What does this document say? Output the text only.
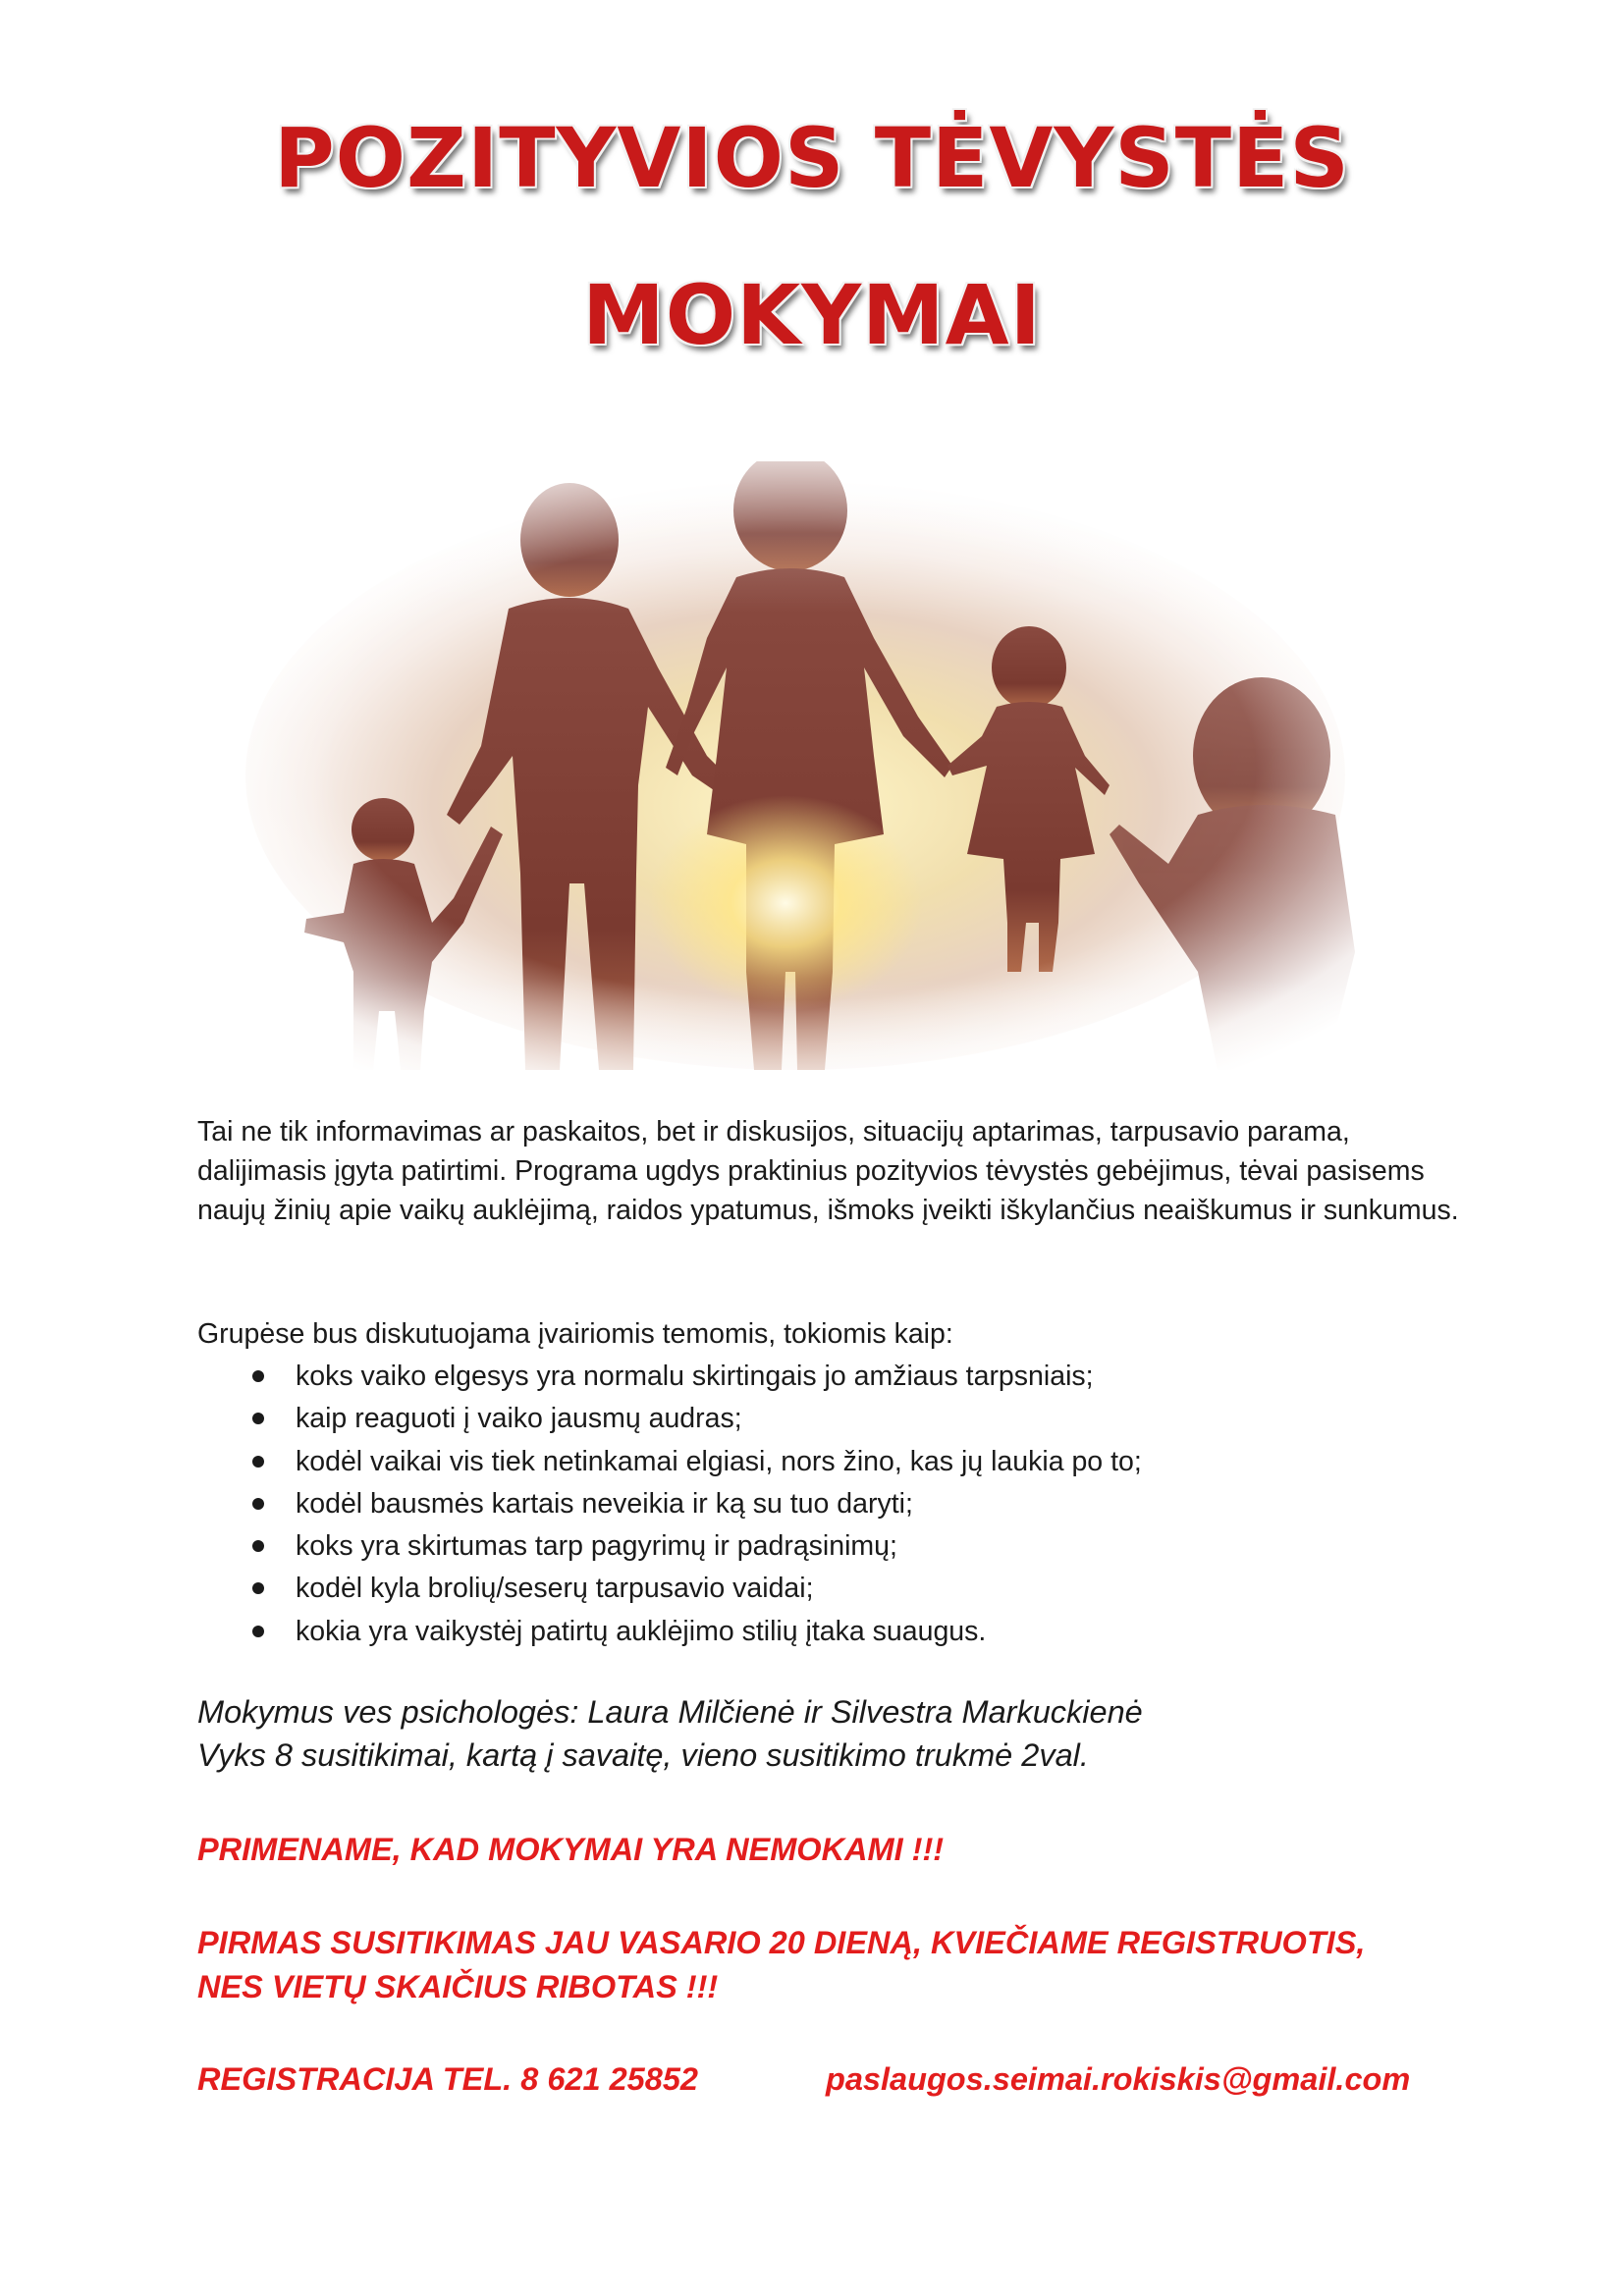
POZITYVIOS TĖVYSTĖS
MOKYMAI
Tai ne tik informavimas ar paskaitos, bet ir diskusijos, situacijų aptarimas, tarpusavio parama, dalijimasis įgyta patirtimi. Programa ugdys praktinius pozityvios tėvystės gebėjimus, tėvai pasisems naujų žinių apie vaikų auklėjimą, raidos ypatumus, išmoks įveikti iškylančius neaiškumus ir sunkumus.
Grupėse bus diskutuojama įvairiomis temomis, tokiomis kaip:
koks vaiko elgesys yra normalu skirtingais jo amžiaus tarpsniais;
kaip reaguoti į vaiko jausmų audras;
kodėl vaikai vis tiek netinkamai elgiasi, nors žino, kas jų laukia po to;
kodėl bausmės kartais neveikia ir ką su tuo daryti;
koks yra skirtumas tarp pagyrimų ir padrąsinimų;
kodėl kyla brolių/seserų tarpusavio vaidai;
kokia yra vaikystėj patirtų auklėjimo stilių įtaka suaugus.
Mokymus ves psichologės: Laura Milčienė ir Silvestra Markuckienė
Vyks 8 susitikimai, kartą į savaitę, vieno susitikimo trukmė 2val.
PRIMENAME, KAD MOKYMAI YRA NEMOKAMI !!!
PIRMAS SUSITIKIMAS JAU VASARIO 20 DIENĄ, KVIEČIAME REGISTRUOTIS,
NES VIETŲ SKAIČIUS RIBOTAS !!!
REGISTRACIJA TEL. 8 621 25852	paslaugos.seimai.rokiskis@gmail.com
